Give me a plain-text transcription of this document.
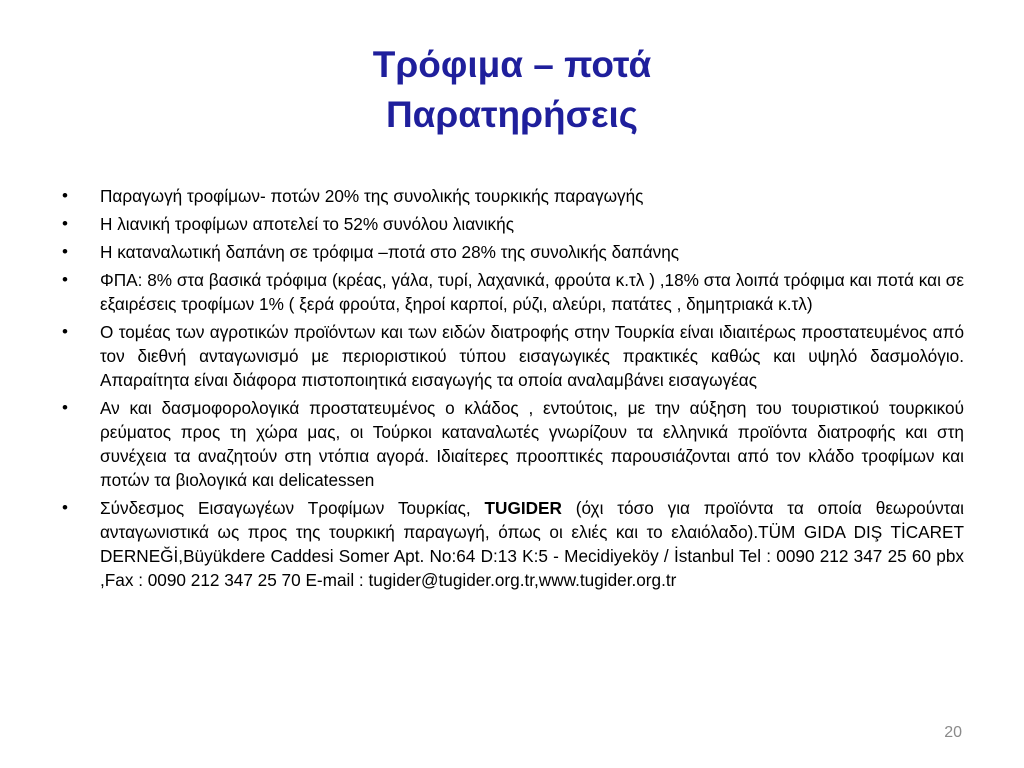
Τρόφιμα – ποτά
Παρατηρήσεις
•	Παραγωγή τροφίμων- ποτών 20% της συνολικής τουρκικής παραγωγής
•	Η λιανική τροφίμων αποτελεί το 52% συνόλου λιανικής
•	Η καταναλωτική δαπάνη σε τρόφιμα –ποτά στο 28% της συνολικής δαπάνης
•	ΦΠΑ: 8% στα βασικά τρόφιμα (κρέας, γάλα, τυρί, λαχανικά, φρούτα κ.τλ ) ,18% στα λοιπά τρόφιμα και ποτά και σε εξαιρέσεις τροφίμων 1% ( ξερά φρούτα, ξηροί καρποί, ρύζι, αλεύρι, πατάτες , δημητριακά κ.τλ)
•	Ο τομέας των αγροτικών προϊόντων και των ειδών διατροφής στην Τουρκία είναι ιδιαιτέρως προστατευμένος από τον διεθνή ανταγωνισμό με περιοριστικού τύπου εισαγωγικές πρακτικές καθώς και υψηλό δασμολόγιο. Απαραίτητα είναι διάφορα πιστοποιητικά εισαγωγής τα οποία αναλαμβάνει εισαγωγέας
•	Αν και δασμοφορολογικά προστατευμένος ο κλάδος , εντούτοις, με την αύξηση του τουριστικού τουρκικού ρεύματος προς τη χώρα μας, οι Τούρκοι καταναλωτές γνωρίζουν τα ελληνικά προϊόντα διατροφής και στη συνέχεια τα αναζητούν στη ντόπια αγορά. Ιδιαίτερες προοπτικές παρουσιάζονται από τον κλάδο τροφίμων και ποτών τα βιολογικά και delicatessen
•	Σύνδεσμος Εισαγωγέων Τροφίμων Τουρκίας, TUGIDER (όχι τόσο για προϊόντα τα οποία θεωρούνται ανταγωνιστικά ως προς της τουρκική παραγωγή, όπως οι ελιές και το ελαιόλαδο).TÜM GIDA DIŞ TİCARET DERNEĞİ,Büyükdere Caddesi Somer Apt. No:64 D:13 K:5 - Mecidiyeköy / İstanbul Tel : 0090 212 347 25 60 pbx ,Fax : 0090 212 347 25 70 E-mail : tugider@tugider.org.tr,www.tugider.org.tr
20
